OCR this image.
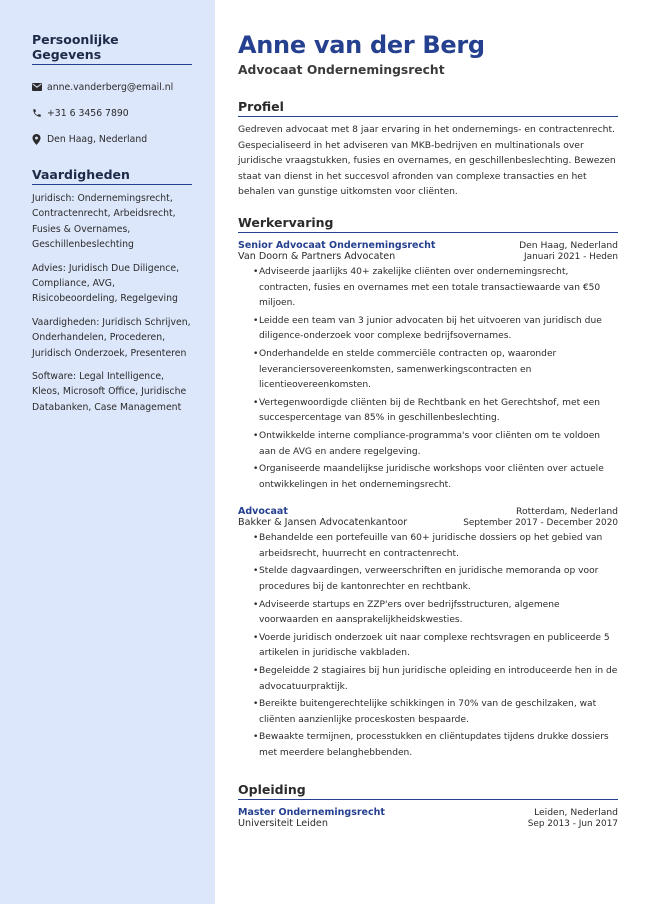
Persoonlijke Gegevens
anne.vanderberg@email.nl
+31 6 3456 7890
Den Haag, Nederland
Vaardigheden
Juridisch: Ondernemingsrecht, Contractenrecht, Arbeidsrecht, Fusies & Overnames, Geschillenbeslechting
Advies: Juridisch Due Diligence, Compliance, AVG, Risicobeoordeling, Regelgeving
Vaardigheden: Juridisch Schrijven, Onderhandelen, Procederen, Juridisch Onderzoek, Presenteren
Software: Legal Intelligence, Kleos, Microsoft Office, Juridische Databanken, Case Management
Anne van der Berg
Advocaat Ondernemingsrecht
Profiel

Gedreven advocaat met 8 jaar ervaring in het ondernemings- en contractenrecht. Gespecialiseerd in het adviseren van MKB-bedrijven en multinationals over juridische vraagstukken, fusies en overnames, en geschillenbeslechting. Bewezen staat van dienst in het succesvol afronden van complexe transacties en het behalen van gunstige uitkomsten voor cliënten.

Werkervaring
Senior Advocaat Ondernemingsrecht	Den Haag, Nederland
Van Doorn & Partners Advocaten	Januari 2021 - Heden
• Adviseerde jaarlijks 40+ zakelijke cliënten over ondernemingsrecht, contracten, fusies en overnames met een totale transactiewaarde van €50 miljoen.
• Leidde een team van 3 junior advocaten bij het uitvoeren van juridisch due diligence-onderzoek voor complexe bedrijfsovernames.
• Onderhandelde en stelde commerciële contracten op, waaronder leveranciersovereenkomsten, samenwerkingscontracten en licentieovereenkomsten.
• Vertegenwoordigde cliënten bij de Rechtbank en het Gerechtshof, met een succespercentage van 85% in geschillenbeslechting.
• Ontwikkelde interne compliance-programma's voor cliënten om te voldoen aan de AVG en andere regelgeving.
• Organiseerde maandelijkse juridische workshops voor cliënten over actuele ontwikkelingen in het ondernemingsrecht.
Advocaat	Rotterdam, Nederland
Bakker & Jansen Advocatenkantoor	September 2017 - December 2020
• Behandelde een portefeuille van 60+ juridische dossiers op het gebied van arbeidsrecht, huurrecht en contractenrecht.
• Stelde dagvaardingen, verweerschriften en juridische memoranda op voor procedures bij de kantonrechter en rechtbank.
• Adviseerde startups en ZZP'ers over bedrijfsstructuren, algemene voorwaarden en aansprakelijkheidskwesties.
• Voerde juridisch onderzoek uit naar complexe rechtsvragen en publiceerde 5 artikelen in juridische vakbladen.
• Begeleidde 2 stagiaires bij hun juridische opleiding en introduceerde hen in de advocatuurpraktijk.
• Bereikte buitengerechtelijke schikkingen in 70% van de geschilzaken, wat cliënten aanzienlijke proceskosten bespaarde.
• Bewaakte termijnen, processtukken en cliëntupdates tijdens drukke dossiers met meerdere belanghebbenden.
Opleiding
Master Ondernemingsrecht	Leiden, Nederland
Universiteit Leiden	Sep 2013 - Jun 2017
